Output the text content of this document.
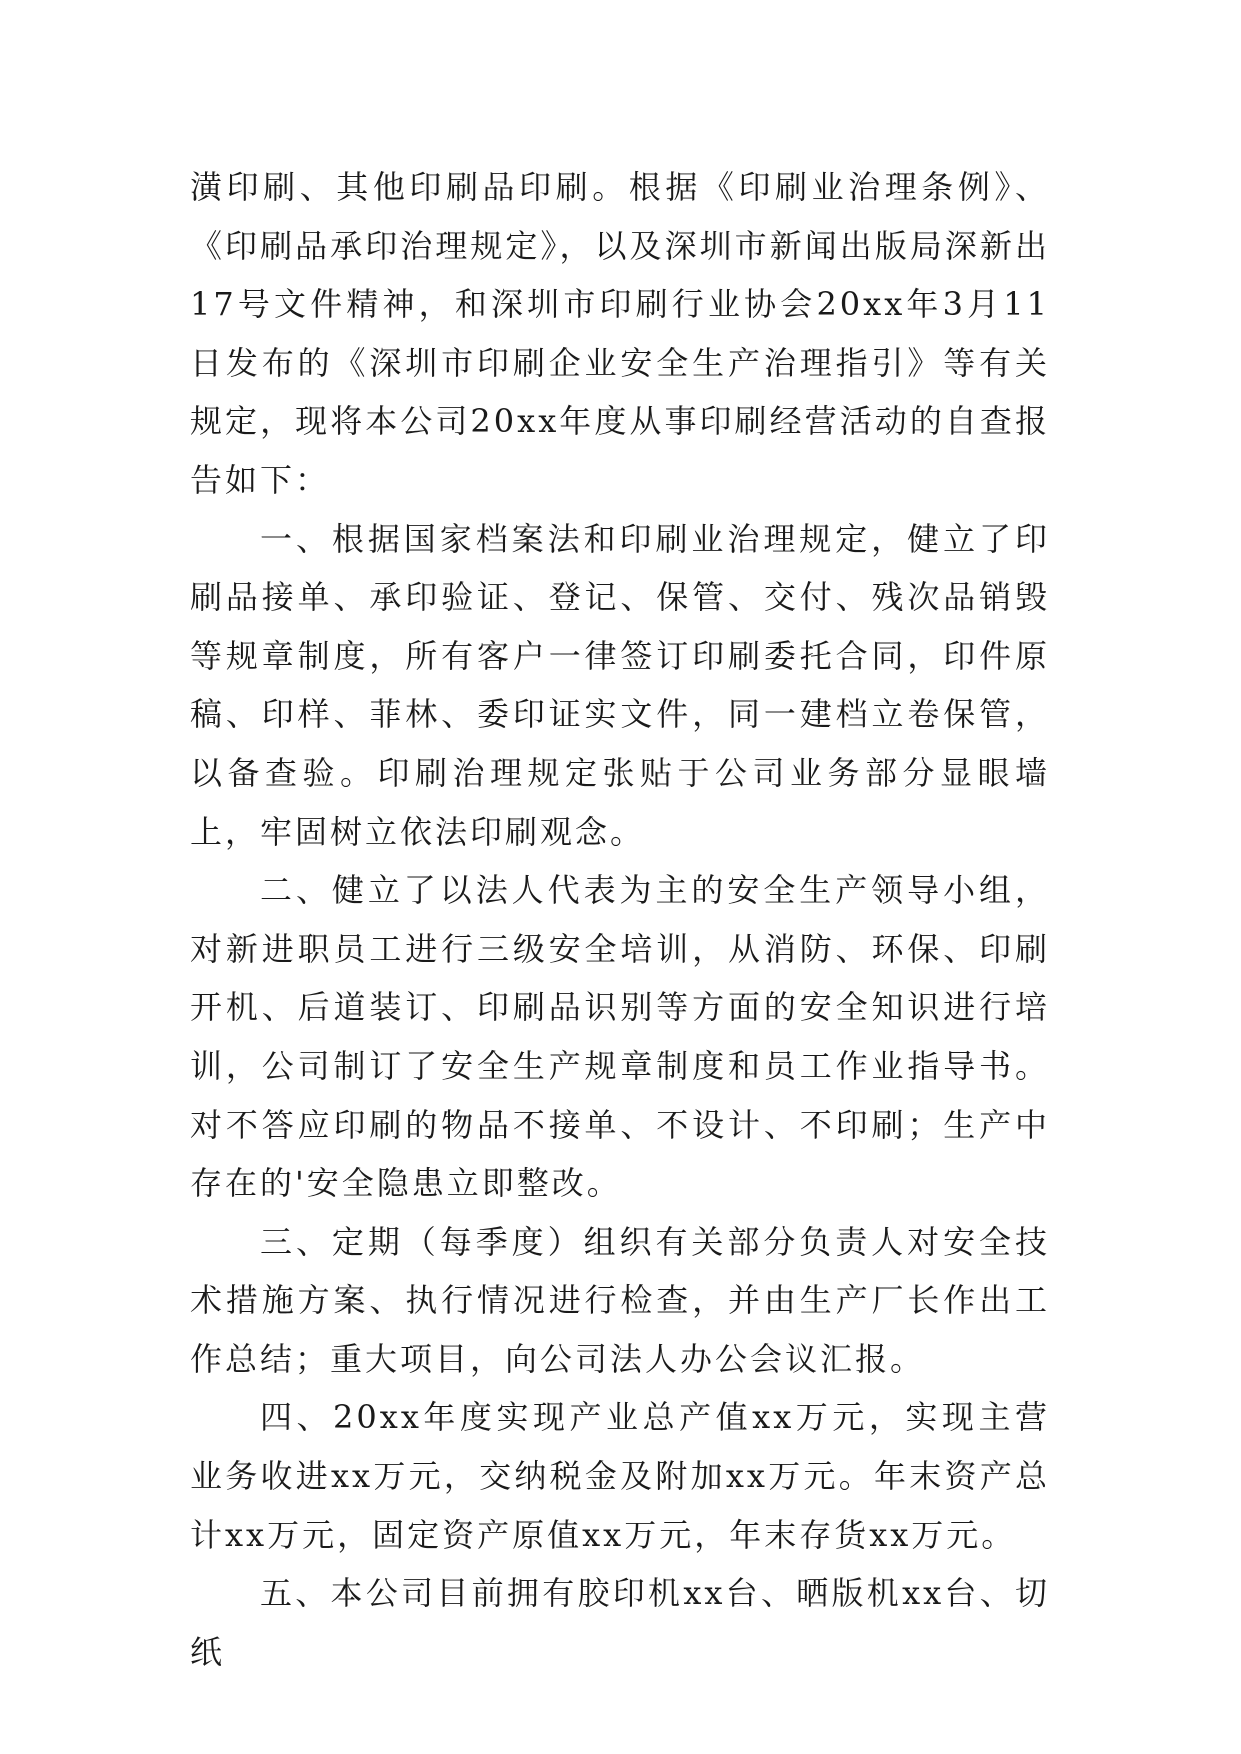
潢印刷、其他印刷品印刷。根据《印刷业治理条例》、《印刷品承印治理规定》，以及深圳市新闻出版局深新出17号文件精神，和深圳市印刷行业协会20xx年3月11日发布的《深圳市印刷企业安全生产治理指引》等有关规定，现将本公司20xx年度从事印刷经营活动的自查报告如下：

一、根据国家档案法和印刷业治理规定，健立了印刷品接单、承印验证、登记、保管、交付、残次品销毁等规章制度，所有客户一律签订印刷委托合同，印件原稿、印样、菲林、委印证实文件，同一建档立卷保管，以备查验。印刷治理规定张贴于公司业务部分显眼墙上，牢固树立依法印刷观念。

二、健立了以法人代表为主的安全生产领导小组，对新进职员工进行三级安全培训，从消防、环保、印刷开机、后道装订、印刷品识别等方面的安全知识进行培训，公司制订了安全生产规章制度和员工作业指导书。对不答应印刷的物品不接单、不设计、不印刷；生产中存在的'安全隐患立即整改。

三、定期（每季度）组织有关部分负责人对安全技术措施方案、执行情况进行检查，并由生产厂长作出工作总结；重大项目，向公司法人办公会议汇报。

四、20xx年度实现产业总产值xx万元，实现主营业务收进xx万元，交纳税金及附加xx万元。年末资产总计xx万元，固定资产原值xx万元，年末存货xx万元。

五、本公司目前拥有胶印机xx台、晒版机xx台、切纸
